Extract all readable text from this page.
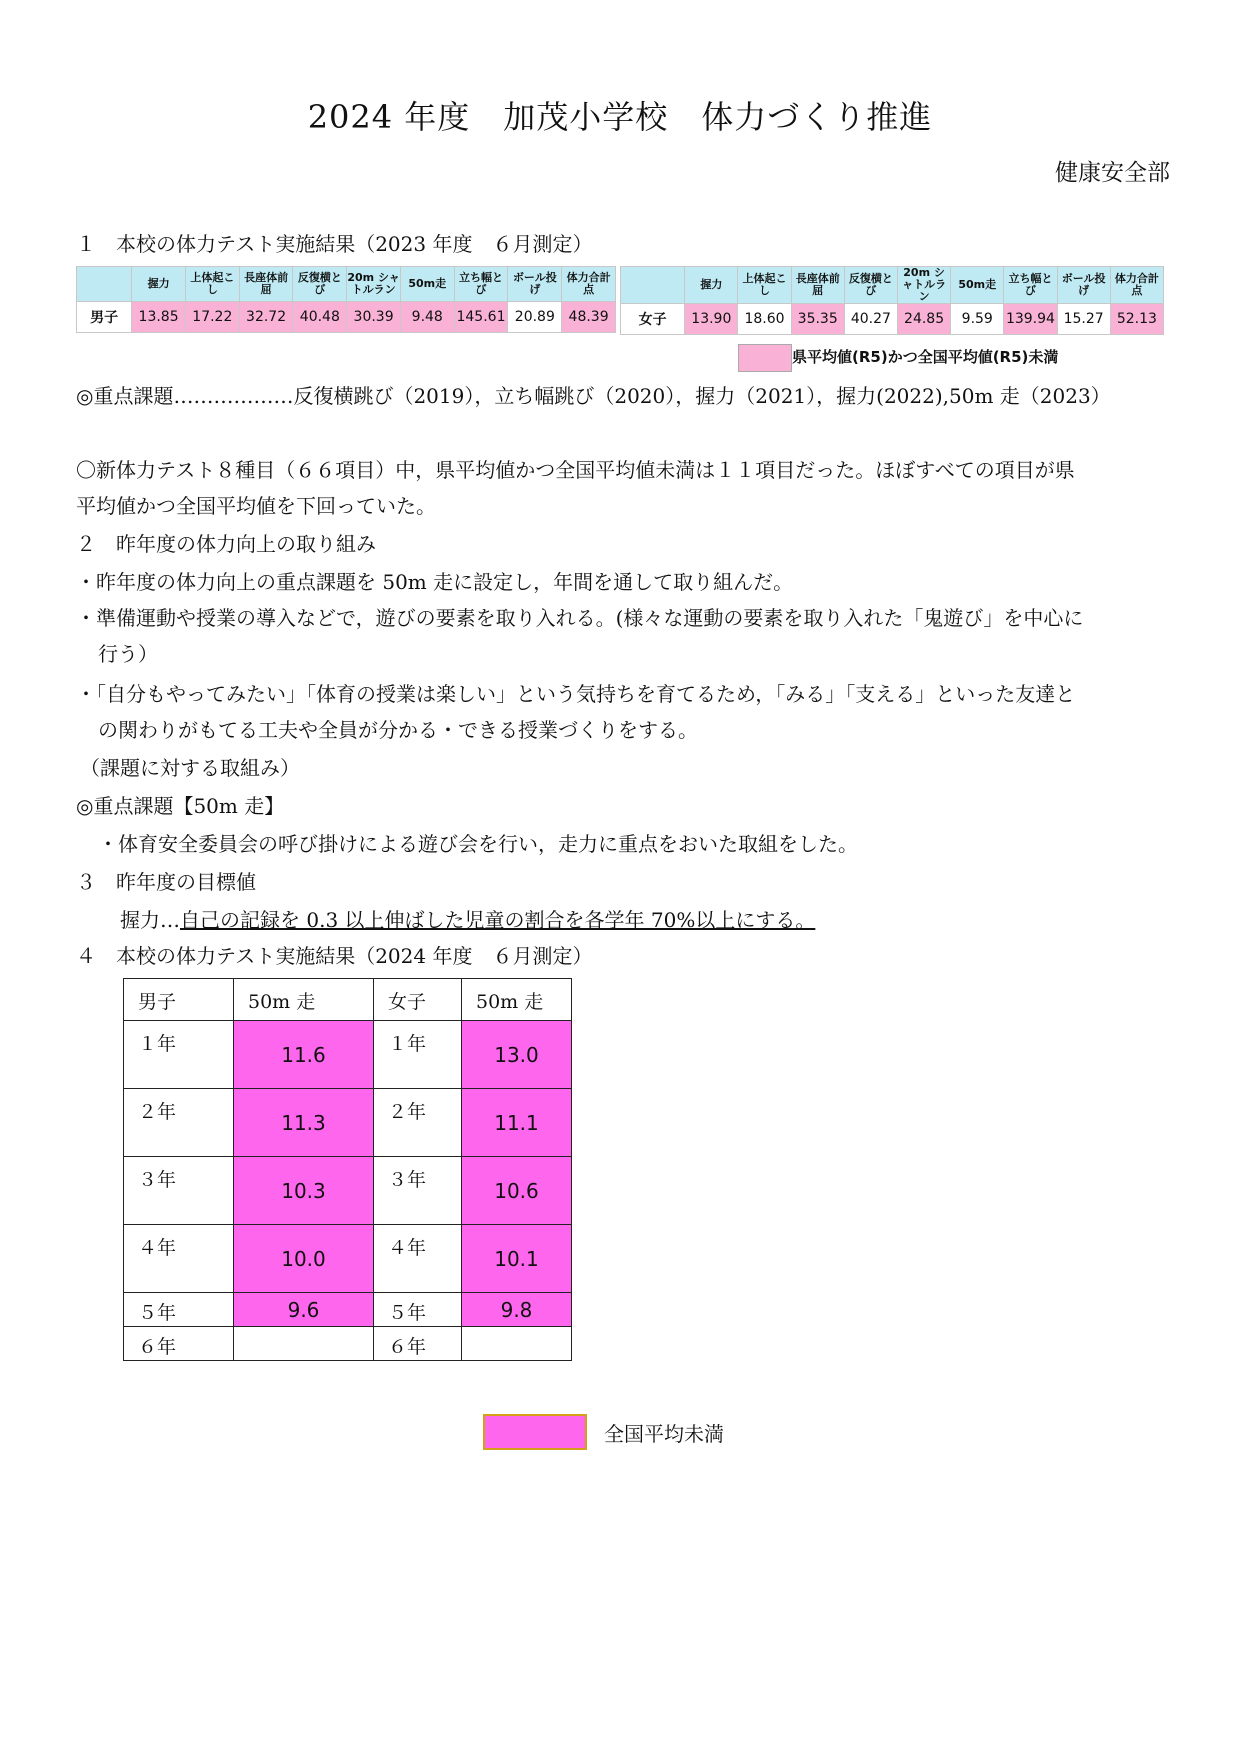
2024 年度　加茂小学校　体力づくり推進
健康安全部
１　本校の体力テスト実施結果（2023 年度　６月測定）
	握力	上体起こし	長座体前屈	反復横とび	20m シャトルラン	50m走	立ち幅とび	ボール投げ	体力合計点
男子	13.85	17.22	32.72	40.48	30.39	9.48	145.61	20.89	48.39
	握力	上体起こし	長座体前屈	反復横とび	20m シャトルラン	50m走	立ち幅とび	ボール投げ	体力合計点
女子	13.90	18.60	35.35	40.27	24.85	9.59	139.94	15.27	52.13
県平均値(R5)かつ全国平均値(R5)未満
◎重点課題………………反復横跳び（2019），立ち幅跳び（2020），握力（2021），握力(2022),50m 走（2023）
〇新体力テスト８種目（６６項目）中，県平均値かつ全国平均値未満は１１項目だった。ほぼすべての項目が県
平均値かつ全国平均値を下回っていた。
２　昨年度の体力向上の取り組み
・昨年度の体力向上の重点課題を 50m 走に設定し，年間を通して取り組んだ。
・準備運動や授業の導入などで，遊びの要素を取り入れる。(様々な運動の要素を取り入れた「鬼遊び」を中心に
行う）
・「自分もやってみたい」「体育の授業は楽しい」という気持ちを育てるため，「みる」「支える」といった友達と
の関わりがもてる工夫や全員が分かる・できる授業づくりをする。
（課題に対する取組み）
◎重点課題【50m 走】
・体育安全委員会の呼び掛けによる遊び会を行い，走力に重点をおいた取組をした。
３　昨年度の目標値
握力…自己の記録を 0.3 以上伸ばした児童の割合を各学年 70%以上にする。
４　本校の体力テスト実施結果（2024 年度　６月測定）
男子	50m 走	女子	50m 走
１年	11.6	１年	13.0
２年	11.3	２年	11.1
３年	10.3	３年	10.6
４年	10.0	４年	10.1
５年	9.6	５年	9.8
６年		６年	
全国平均未満
